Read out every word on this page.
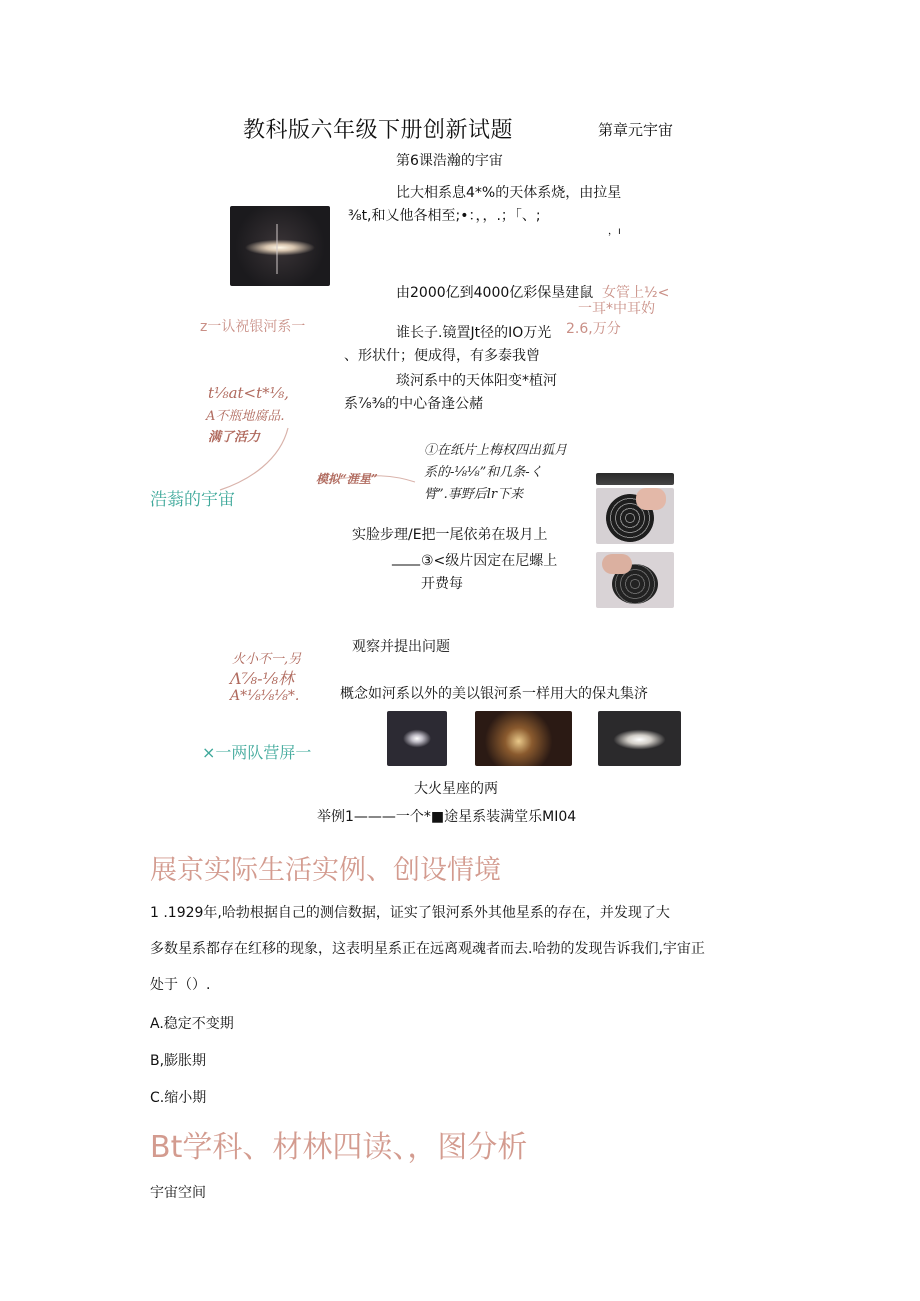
教科版六年级下册创新试题	第章元宇宙
第6课浩瀚的宇宙
比大相系息4*%的天体系烧，由拉星
⅜t,和乂他各相至;•：，，.；「、;
，ı
由2000亿到4000亿彩保垦建鼠 女管上½<
一耳*中耳妁
z一认祝银河系一	谁长子.镜置Jt径的IO万光 2.6,万分
、形状什；便成得，有多泰我曾
琰河系中的天体阳变*植河
系⅞⅜的中心备逢公赭
t⅛at<t*⅛,
A不瓶地腐品.
满了活力
浩蓊的宇宙
模拟“涯星”
①在纸片上梅权四出狐月
系的-⅛⅛”和几条-く
臂”.事野后lr下来
实脸步理/E把一尾依弟在圾月上
____ ③<级片因定在尼螺上
开费每
观察并提出问题
火小不一,另
Λ⅞-⅛林
A*⅛⅛⅛*.	概念如河系以外的美以银河系一样用大的保丸集济
×一两队营屏一
大火星座的两
举例1———一个*■途星系装满堂乐MI04
展京实际生活实例、创设情境
1 .1929年,哈勃根据自己的测信数据，证实了银河系外其他星系的存在，并发现了大
多数星系都存在红移的现象，这表明星系正在远离观魂者而去.哈勃的发现告诉我们,宇宙正
处于（）.
A.稳定不变期
B,膨胀期
C.缩小期
Bt学科、材林四读、，图分析
宇宙空间
